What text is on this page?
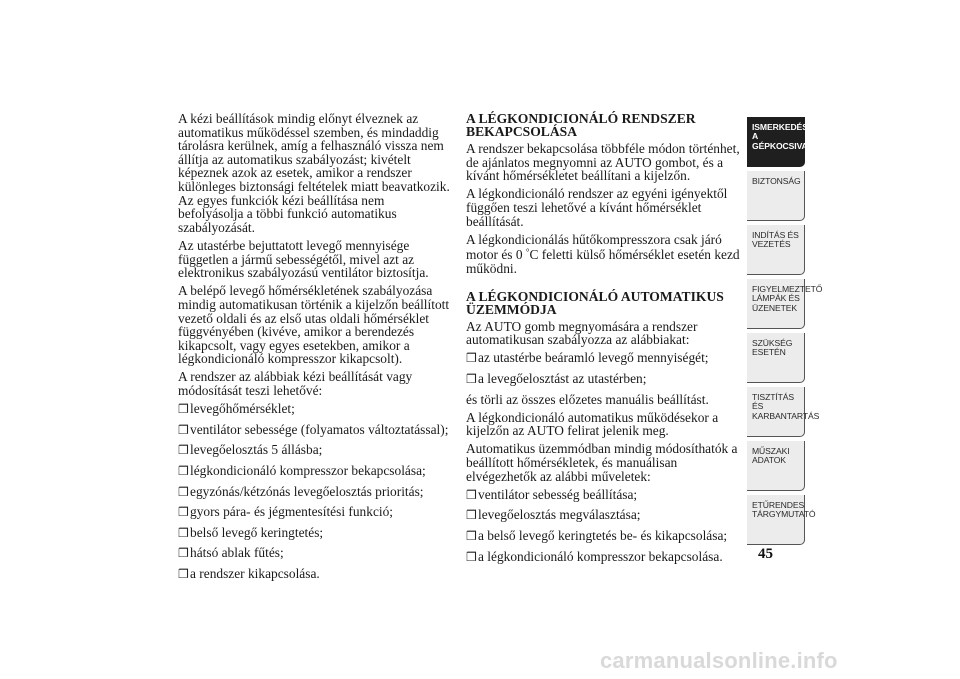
A kézi beállítások mindig előnyt élveznek az automatikus működéssel szemben, és mindaddig tárolásra kerülnek, amíg a felhasználó vissza nem állítja az automatikus szabályozást; kivételt képeznek azok az esetek, amikor a rendszer különleges biztonsági feltételek miatt beavatkozik. Az egyes funkciók kézi beállítása nem befolyásolja a többi funkció automatikus szabályozását.

Az utastérbe bejuttatott levegő mennyisége független a jármű sebességétől, mivel azt az elektronikus szabályozású ventilátor biztosítja.

A belépő levegő hőmérsékletének szabályozása mindig automatikusan történik a kijelzőn beállított vezető oldali és az első utas oldali hőmérséklet függvényében (kivéve, amikor a berendezés kikapcsolt, vagy egyes esetekben, amikor a légkondicionáló kompresszor kikapcsolt).

A rendszer az alábbiak kézi beállítását vagy módosítását teszi lehetővé:

❒levegőhőmérséklet;
❒ventilátor sebessége (folyamatos változtatással);
❒levegőelosztás 5 állásba;
❒légkondicionáló kompresszor bekapcsolása;
❒egyzónás/kétzónás levegőelosztás prioritás;
❒gyors pára- és jégmentesítési funkció;
❒belső levegő keringtetés;
❒hátsó ablak fűtés;
❒a rendszer kikapcsolása.
A LÉGKONDICIONÁLÓ RENDSZER BEKAPCSOLÁSA

A rendszer bekapcsolása többféle módon történhet, de ajánlatos megnyomni az AUTO gombot, és a kívánt hőmérsékletet beállítani a kijelzőn.

A légkondicionáló rendszer az egyéni igényektől függően teszi lehetővé a kívánt hőmérséklet beállítását.

A légkondicionálás hűtőkompresszora csak járó motor és 0 °C feletti külső hőmérséklet esetén kezd működni.

A LÉGKONDICIONÁLÓ AUTOMATIKUS ÜZEMMÓDJA

Az AUTO gomb megnyomására a rendszer automatikusan szabályozza az alábbiakat:

❒az utastérbe beáramló levegő mennyiségét;
❒a levegőelosztást az utastérben;

és törli az összes előzetes manuális beállítást.

A légkondicionáló automatikus működésekor a kijelzőn az AUTO felirat jelenik meg.

Automatikus üzemmódban mindig módosíthatók a beállított hőmérsékletek, és manuálisan elvégezhetők az alábbi műveletek:

❒ventilátor sebesség beállítása;
❒levegőelosztás megválasztása;
❒a belső levegő keringtetés be- és kikapcsolása;
❒a légkondicionáló kompresszor bekapcsolása.
ISMERKEDÉS A
GÉPKOCSIVAL
BIZTONSÁG
INDÍTÁS ÉS
VEZETÉS
FIGYELMEZTETŐ
LÁMPÁK ÉS
ÜZENETEK
SZÜKSÉG ESETÉN
TISZTÍTÁS ÉS
KARBANTARTÁS
MŰSZAKI ADATOK
ETŰRENDES
TÁRGYMUTATÓ
45
carmanualsonline.info
